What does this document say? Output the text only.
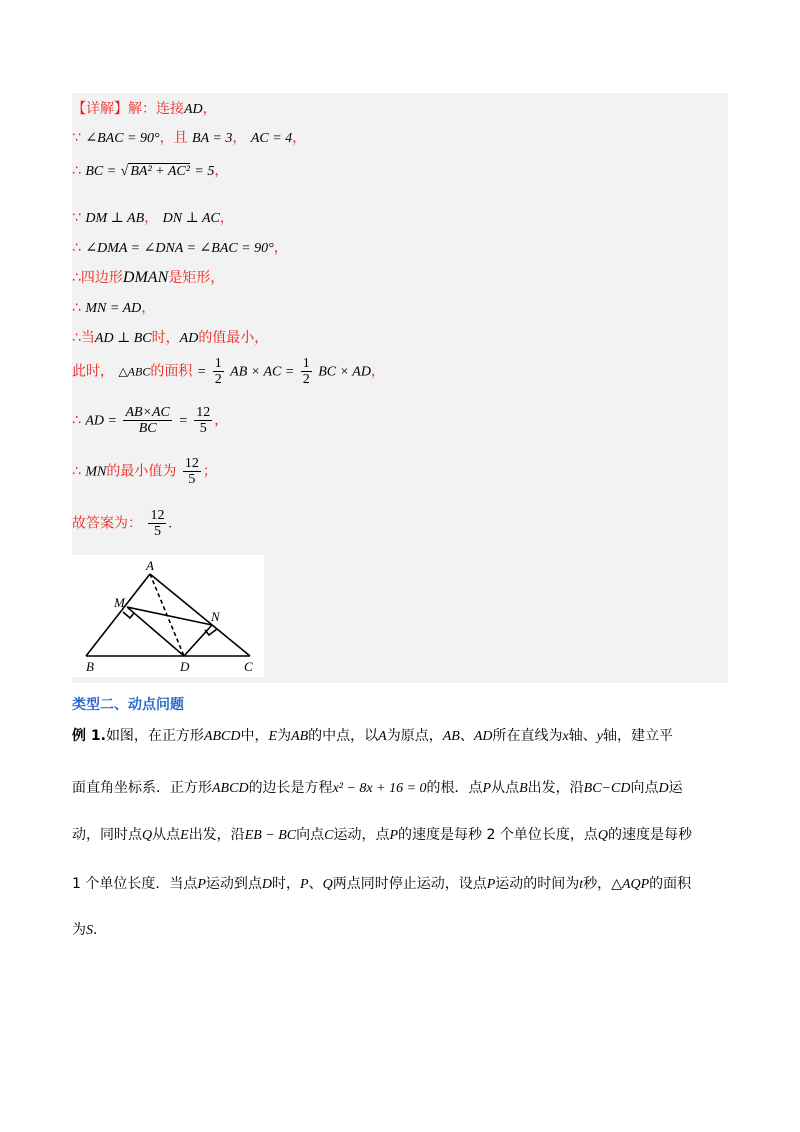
【详解】解：连接AD，
∵ ∠BAC = 90°，且 BA = 3， AC = 4，
∴ BC = √ BA² + AC² = 5，
∵ DM ⊥ AB， DN ⊥ AC，
∴ ∠DMA = ∠DNA = ∠BAC = 90°，
∴四边形DMAN是矩形，
∴ MN = AD，
∴当AD ⊥ BC时，AD的值最小，
此时， △ABC的面积 = $\frac{1}{2}$ AB × AC = $\frac{1}{2}$ BC × AD，
∴ AD = $\frac{AB\times AC}{BC} = \frac{12}{5}$ ，
∴ MN的最小值为 $\frac{12}{5}$ ；
故答案为： $\frac{12}{5}$ .
A
M
N
B	D	C
类型二、动点问题
例 1.如图，在正方形ABCD中，E为AB的中点，以A为原点，AB、AD所在直线为x轴、y轴，建立平
面直角坐标系．正方形ABCD的边长是方程x² − 8x + 16 = 0的根．点P从点B出发，沿BC−CD向点D运
动，同时点Q从点E出发，沿EB − BC向点C运动，点P的速度是每秒 2 个单位长度，点Q的速度是每秒
1 个单位长度．当点P运动到点D时，P、Q两点同时停止运动，设点P运动的时间为t秒，△AQP的面积
为S.
